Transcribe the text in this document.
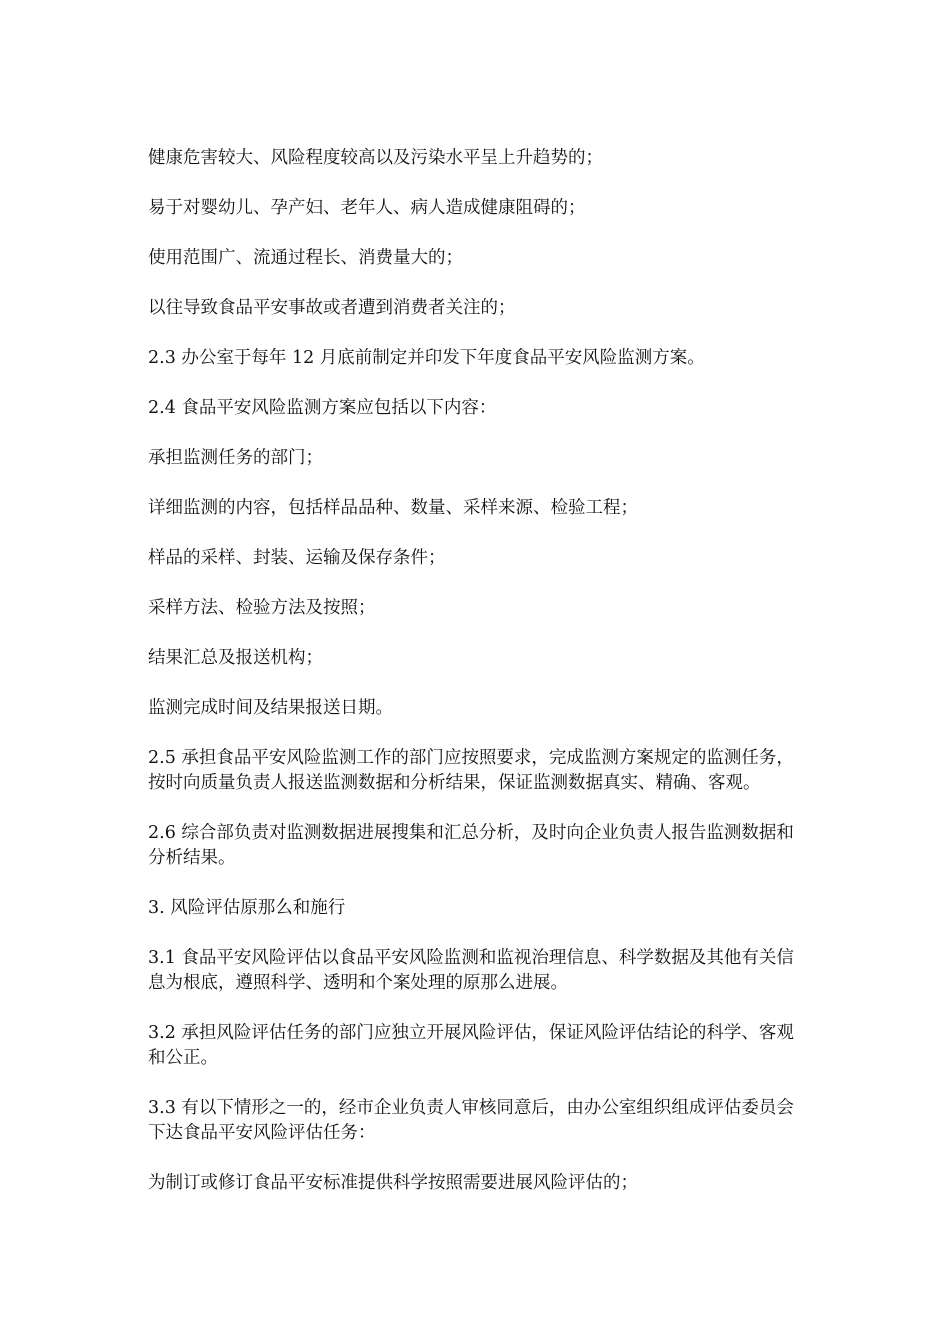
健康危害较大、风险程度较高以及污染水平呈上升趋势的；

易于对婴幼儿、孕产妇、老年人、病人造成健康阻碍的；

使用范围广、流通过程长、消费量大的；

以往导致食品平安事故或者遭到消费者关注的；

2.3 办公室于每年 12 月底前制定并印发下年度食品平安风险监测方案。

2.4 食品平安风险监测方案应包括以下内容：

承担监测任务的部门；

详细监测的内容，包括样品品种、数量、采样来源、检验工程；

样品的采样、封装、运输及保存条件；

采样方法、检验方法及按照；

结果汇总及报送机构；

监测完成时间及结果报送日期。

2.5 承担食品平安风险监测工作的部门应按照要求，完成监测方案规定的监测任务，按时向质量负责人报送监测数据和分析结果，保证监测数据真实、精确、客观。

2.6 综合部负责对监测数据进展搜集和汇总分析，及时向企业负责人报告监测数据和分析结果。

3. 风险评估原那么和施行

3.1 食品平安风险评估以食品平安风险监测和监视治理信息、科学数据及其他有关信息为根底，遵照科学、透明和个案处理的原那么进展。

3.2 承担风险评估任务的部门应独立开展风险评估，保证风险评估结论的科学、客观和公正。

3.3 有以下情形之一的，经市企业负责人审核同意后，由办公室组织组成评估委员会下达食品平安风险评估任务：

为制订或修订食品平安标准提供科学按照需要进展风险评估的；
